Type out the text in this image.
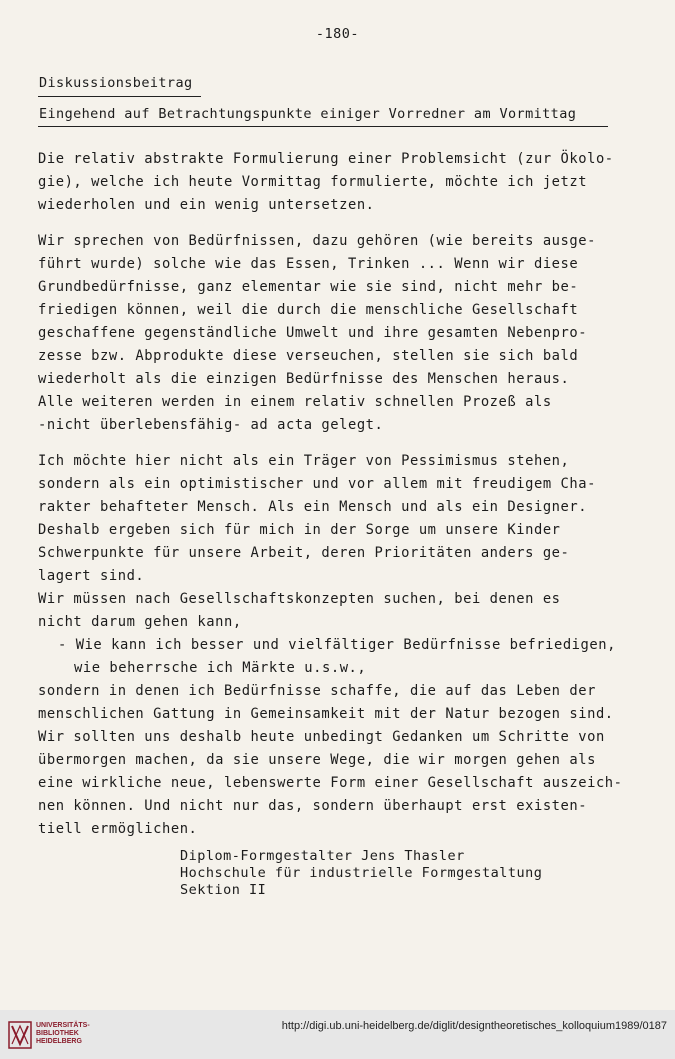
-180-
Diskussionsbeitrag
Eingehend auf Betrachtungspunkte einiger Vorredner am Vormittag
Die relativ abstrakte Formulierung einer Problemsicht (zur Ökolo-
gie), welche ich heute Vormittag formulierte, möchte ich jetzt
wiederholen und ein wenig untersetzen.
Wir sprechen von Bedürfnissen, dazu gehören (wie bereits ausge-
führt wurde) solche wie das Essen, Trinken ... Wenn wir diese
Grundbedürfnisse, ganz elementar wie sie sind, nicht mehr be-
friedigen können, weil die durch die menschliche Gesellschaft
geschaffene gegenständliche Umwelt und ihre gesamten Nebenpro-
zesse bzw. Abprodukte diese verseuchen, stellen sie sich bald
wiederholt als die einzigen Bedürfnisse des Menschen heraus.
Alle weiteren werden in einem relativ schnellen Prozeß als
-nicht überlebensfähig- ad acta gelegt.
Ich möchte hier nicht als ein Träger von Pessimismus stehen,
sondern als ein optimistischer und vor allem mit freudigem Cha-
rakter behafteter Mensch. Als ein Mensch und als ein Designer.
Deshalb ergeben sich für mich in der Sorge um unsere Kinder
Schwerpunkte für unsere Arbeit, deren Prioritäten anders ge-
lagert sind.
Wir müssen nach Gesellschaftskonzepten suchen, bei denen es
nicht darum gehen kann,
- Wie kann ich besser und vielfältiger Bedürfnisse befriedigen,
wie beherrsche ich Märkte u.s.w.,
sondern in denen ich Bedürfnisse schaffe, die auf das Leben der
menschlichen Gattung in Gemeinsamkeit mit der Natur bezogen sind.
Wir sollten uns deshalb heute unbedingt Gedanken um Schritte von
übermorgen machen, da sie unsere Wege, die wir morgen gehen als
eine wirkliche neue, lebenswerte Form einer Gesellschaft auszeich-
nen können. Und nicht nur das, sondern überhaupt erst existen-
tiell ermöglichen.
Diplom-Formgestalter Jens Thasler
Hochschule für industrielle Formgestaltung
Sektion II
UNIVERSITÄTS-
BIBLIOTHEK
HEIDELBERG
http://digi.ub.uni-heidelberg.de/diglit/designtheoretisches_kolloquium1989/0187
